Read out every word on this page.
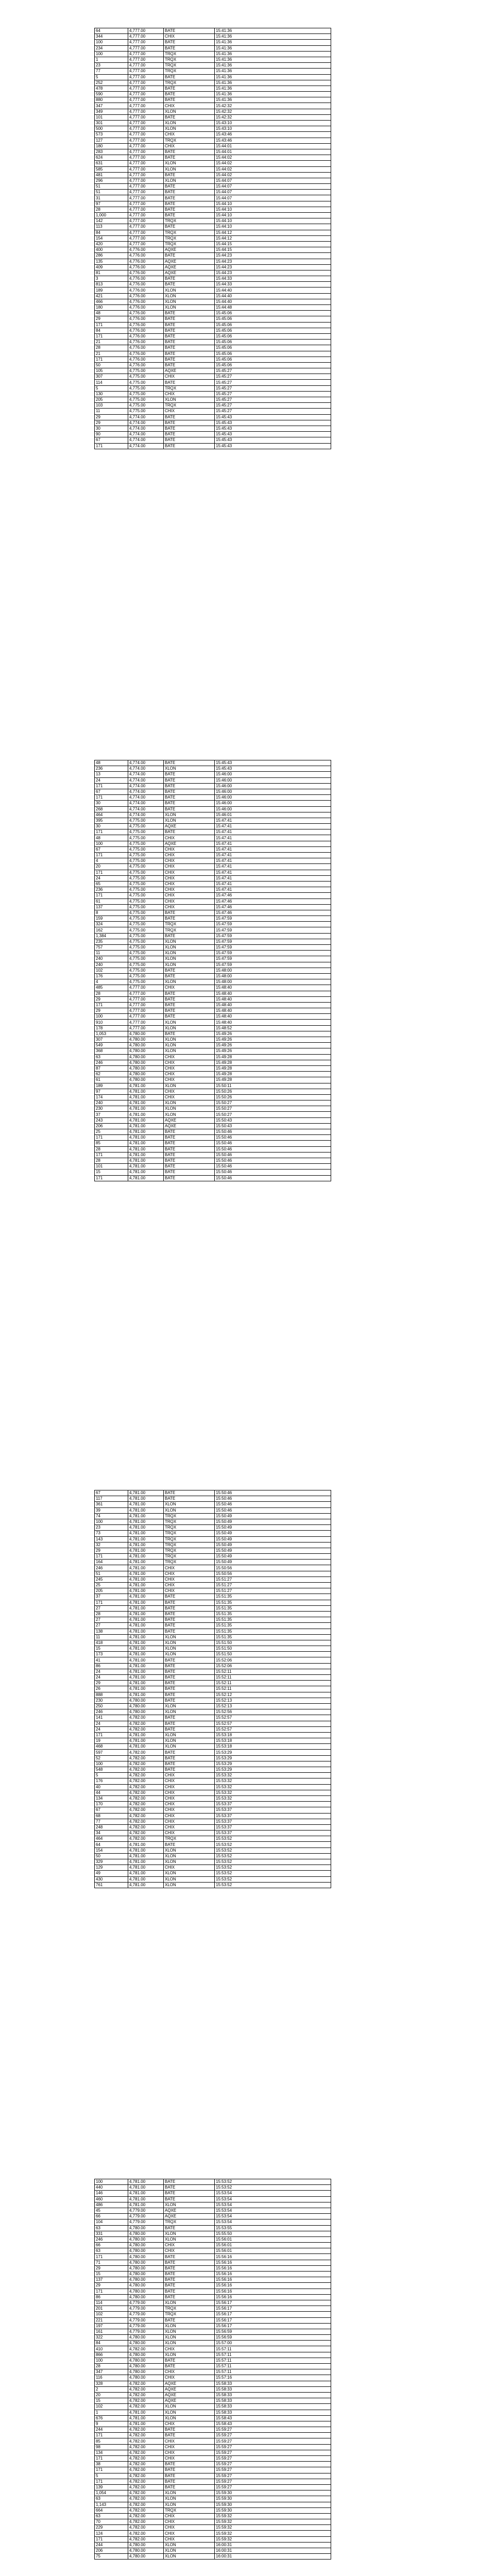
64	4,777.00	BATE	15:41:36
344	4,777.00	CHIX	15:41:36
100	4,777.00	BATE	15:41:36
234	4,777.00	BATE	15:41:36
100	4,777.00	TRQX	15:41:36
1	4,777.00	TRQX	15:41:36
23	4,777.00	TRQX	15:41:36
77	4,777.00	TRQX	15:41:36
5	4,777.00	BATE	15:41:36
252	4,777.00	TRQX	15:41:36
478	4,777.00	BATE	15:41:36
590	4,777.00	BATE	15:41:36
880	4,777.00	BATE	15:41:36
347	4,777.00	CHIX	15:42:32
349	4,777.00	XLON	15:42:32
101	4,777.00	BATE	15:42:32
301	4,777.00	XLON	15:43:10
500	4,777.00	XLON	15:43:10
573	4,777.00	CHIX	15:43:46
127	4,777.00	TRQX	15:43:46
180	4,777.00	CHIX	15:44:01
283	4,777.00	BATE	15:44:01
624	4,777.00	BATE	15:44:02
631	4,777.00	XLON	15:44:02
585	4,777.00	XLON	15:44:02
481	4,777.00	BATE	15:44:02
296	4,777.00	XLON	15:44:07
51	4,777.00	BATE	15:44:07
51	4,777.00	BATE	15:44:07
31	4,777.00	BATE	15:44:07
97	4,777.00	BATE	15:44:10
28	4,777.00	BATE	15:44:10
1,000	4,777.00	BATE	15:44:10
142	4,777.00	TRQX	15:44:10
113	4,777.00	BATE	15:44:10
84	4,777.00	TRQX	15:44:12
154	4,777.00	TRQX	15:44:12
420	4,777.00	TRQX	15:44:15
400	4,776.00	AQXE	15:44:15
286	4,776.00	BATE	15:44:23
135	4,776.00	AQXE	15:44:23
409	4,776.00	AQXE	15:44:23
81	4,776.00	AQXE	15:44:23
3	4,776.00	BATE	15:44:33
813	4,776.00	BATE	15:44:33
189	4,776.00	XLON	15:44:40
421	4,776.00	XLON	15:44:40
466	4,776.00	XLON	15:44:40
180	4,776.00	XLON	15:44:48
48	4,776.00	BATE	15:45:06
29	4,776.00	BATE	15:45:06
171	4,776.00	BATE	15:45:06
84	4,776.00	BATE	15:45:06
171	4,776.00	BATE	15:45:06
21	4,776.00	BATE	15:45:06
28	4,776.00	BATE	15:45:06
21	4,776.00	BATE	15:45:06
171	4,776.00	BATE	15:45:06
50	4,776.00	BATE	15:45:06
105	4,775.00	AQXE	15:45:27
307	4,775.00	CHIX	15:45:27
114	4,775.00	BATE	15:45:27
5	4,775.00	TRQX	15:45:27
130	4,775.00	CHIX	15:45:27
205	4,775.00	XLON	15:45:27
103	4,775.00	TRQX	15:45:27
11	4,775.00	CHIX	15:45:27
29	4,774.00	BATE	15:45:43
29	4,774.00	BATE	15:45:43
30	4,774.00	BATE	15:45:43
90	4,774.00	BATE	15:45:43
67	4,774.00	BATE	15:45:43
171	4,774.00	BATE	15:45:43
48	4,774.00	BATE	15:45:43
236	4,774.00	XLON	15:45:43
13	4,774.00	BATE	15:46:00
24	4,774.00	BATE	15:46:00
171	4,774.00	BATE	15:46:00
67	4,774.00	BATE	15:46:00
171	4,774.00	BATE	15:46:00
30	4,774.00	BATE	15:46:00
268	4,774.00	BATE	15:46:00
464	4,774.00	XLON	15:46:01
395	4,775.00	XLON	15:47:41
30	4,775.00	AQXE	15:47:41
171	4,775.00	BATE	15:47:41
48	4,775.00	CHIX	15:47:41
100	4,775.00	AQXE	15:47:41
67	4,775.00	CHIX	15:47:41
171	4,775.00	CHIX	15:47:41
4	4,775.00	CHIX	15:47:41
20	4,775.00	CHIX	15:47:41
171	4,775.00	CHIX	15:47:41
24	4,775.00	CHIX	15:47:41
65	4,775.00	CHIX	15:47:41
236	4,775.00	CHIX	15:47:41
171	4,775.00	CHIX	15:47:46
61	4,775.00	CHIX	15:47:46
137	4,775.00	CHIX	15:47:46
8	4,775.00	BATE	15:47:46
159	4,775.00	BATE	15:47:59
324	4,775.00	TRQX	15:47:59
162	4,775.00	TRQX	15:47:59
1,384	4,775.00	BATE	15:47:59
235	4,775.00	XLON	15:47:59
757	4,775.00	XLON	15:47:59
11	4,775.00	XLON	15:47:59
240	4,775.00	XLON	15:47:59
240	4,775.00	XLON	15:47:59
102	4,775.00	BATE	15:48:00
176	4,775.00	BATE	15:48:00
4	4,775.00	XLON	15:48:00
485	4,777.00	CHIX	15:48:40
28	4,777.00	BATE	15:48:40
29	4,777.00	BATE	15:48:40
171	4,777.00	BATE	15:48:40
29	4,777.00	BATE	15:48:40
100	4,777.00	BATE	15:48:40
910	4,777.00	XLON	15:48:40
178	4,777.00	XLON	15:48:52
1,053	4,780.00	BATE	15:49:26
307	4,780.00	XLON	15:49:26
549	4,780.00	XLON	15:49:26
368	4,780.00	XLON	15:49:26
63	4,780.00	CHIX	15:49:28
246	4,780.00	CHIX	15:49:28
87	4,780.00	CHIX	15:49:28
62	4,780.00	CHIX	15:49:28
61	4,780.00	CHIX	15:49:28
189	4,781.00	XLON	15:50:11
97	4,781.00	CHIX	15:50:26
174	4,781.00	CHIX	15:50:26
240	4,781.00	XLON	15:50:27
230	4,781.00	XLON	15:50:27
37	4,781.00	XLON	15:50:27
243	4,781.00	AQXE	15:50:43
206	4,781.00	AQXE	15:50:43
25	4,781.00	BATE	15:50:46
171	4,781.00	BATE	15:50:46
85	4,781.00	BATE	15:50:46
28	4,781.00	BATE	15:50:46
171	4,781.00	BATE	15:50:46
28	4,781.00	BATE	15:50:46
101	4,781.00	BATE	15:50:46
15	4,781.00	BATE	15:50:46
171	4,781.00	BATE	15:50:46
67	4,781.00	BATE	15:50:46
117	4,781.00	BATE	15:50:46
361	4,781.00	XLON	15:50:46
39	4,781.00	XLON	15:50:46
74	4,781.00	TRQX	15:50:49
100	4,781.00	TRQX	15:50:49
23	4,781.00	TRQX	15:50:49
73	4,781.00	TRQX	15:50:49
143	4,781.00	TRQX	15:50:49
32	4,781.00	TRQX	15:50:49
29	4,781.00	TRQX	15:50:49
171	4,781.00	TRQX	15:50:49
164	4,781.00	TRQX	15:50:49
246	4,781.00	CHIX	15:50:56
51	4,781.00	CHIX	15:50:56
245	4,781.00	CHIX	15:51:27
25	4,781.00	CHIX	15:51:27
205	4,781.00	CHIX	15:51:27
37	4,781.00	BATE	15:51:35
171	4,781.00	BATE	15:51:35
27	4,781.00	BATE	15:51:35
28	4,781.00	BATE	15:51:35
27	4,781.00	BATE	15:51:35
27	4,781.00	BATE	15:51:35
138	4,781.00	BATE	15:51:35
11	4,781.00	XLON	15:51:35
418	4,781.00	XLON	15:51:50
15	4,781.00	XLON	15:51:50
173	4,781.00	XLON	15:51:50
41	4,781.00	BATE	15:52:06
86	4,781.00	BATE	15:52:06
24	4,781.00	BATE	15:52:11
24	4,781.00	BATE	15:52:11
29	4,781.00	BATE	15:52:11
26	4,781.00	BATE	15:52:11
888	4,781.00	BATE	15:52:12
230	4,780.00	BATE	15:52:13
250	4,780.00	XLON	15:52:13
246	4,780.00	XLON	15:52:56
141	4,782.00	BATE	15:52:57
24	4,782.00	BATE	15:52:57
24	4,782.00	BATE	15:52:57
171	4,781.00	XLON	15:53:18
19	4,781.00	XLON	15:53:18
468	4,781.00	XLON	15:53:18
597	4,782.00	BATE	15:53:29
52	4,782.00	BATE	15:53:29
100	4,782.00	BATE	15:53:29
548	4,782.00	BATE	15:53:29
5	4,782.00	CHIX	15:53:32
176	4,782.00	CHIX	15:53:32
40	4,782.00	CHIX	15:53:32
44	4,782.00	CHIX	15:53:32
134	4,782.00	CHIX	15:53:32
170	4,782.00	CHIX	15:53:37
67	4,782.00	CHIX	15:53:37
68	4,782.00	CHIX	15:53:37
77	4,782.00	CHIX	15:53:37
248	4,782.00	CHIX	15:53:37
34	4,782.00	CHIX	15:53:37
464	4,782.00	TRQX	15:53:52
64	4,781.00	BATE	15:53:52
154	4,781.00	XLON	15:53:52
50	4,781.00	XLON	15:53:52
329	4,781.00	XLON	15:53:52
129	4,781.00	CHIX	15:53:52
49	4,781.00	XLON	15:53:52
430	4,781.00	XLON	15:53:52
761	4,781.00	XLON	15:53:52
100	4,781.00	BATE	15:53:52
440	4,781.00	BATE	15:53:52
146	4,781.00	BATE	15:53:54
460	4,781.00	BATE	15:53:54
486	4,781.00	XLON	15:53:54
45	4,779.00	AQXE	15:53:54
66	4,779.00	AQXE	15:53:54
104	4,779.00	TRQX	15:53:54
63	4,780.00	BATE	15:53:55
331	4,780.00	XLON	15:55:50
246	4,780.00	XLON	15:56:01
66	4,780.00	CHIX	15:56:01
63	4,780.00	CHIX	15:56:01
171	4,780.00	BATE	15:56:16
71	4,780.00	BATE	15:56:16
29	4,780.00	BATE	15:56:16
15	4,780.00	BATE	15:56:16
137	4,780.00	BATE	15:56:16
29	4,780.00	BATE	15:56:16
171	4,780.00	BATE	15:56:16
86	4,780.00	BATE	15:56:16
114	4,779.00	XLON	15:56:17
201	4,779.00	TRQX	15:56:17
102	4,779.00	TRQX	15:56:17
221	4,779.00	BATE	15:56:17
197	4,779.00	XLON	15:56:17
161	4,779.00	XLON	15:56:59
322	4,780.00	XLON	15:56:59
84	4,780.00	XLON	15:57:00
410	4,782.00	CHIX	15:57:11
866	4,780.00	XLON	15:57:11
100	4,780.00	BATE	15:57:11
28	4,780.00	BATE	15:57:11
347	4,780.00	CHIX	15:57:11
116	4,780.00	CHIX	15:57:16
328	4,782.00	AQXE	15:58:33
2	4,782.00	AQXE	15:58:33
20	4,782.00	AQXE	15:58:33
15	4,782.00	AQXE	15:58:33
102	4,782.00	XLON	15:58:33
1	4,781.00	XLON	15:58:33
676	4,781.00	XLON	15:58:43
9	4,781.00	CHIX	15:58:43
244	4,782.00	BATE	15:59:27
171	4,782.00	BATE	15:59:27
85	4,782.00	CHIX	15:59:27
98	4,782.00	CHIX	15:59:27
134	4,782.00	CHIX	15:59:27
171	4,782.00	CHIX	15:59:27
38	4,782.00	BATE	15:59:27
171	4,782.00	BATE	15:59:27
5	4,782.00	BATE	15:59:27
171	4,782.00	BATE	15:59:27
139	4,782.00	BATE	15:59:27
1,054	4,782.00	XLON	15:59:30
63	4,782.00	XLON	15:59:30
1,143	4,782.00	XLON	15:59:30
664	4,782.00	TRQX	15:59:30
63	4,782.00	CHIX	15:59:32
70	4,782.00	CHIX	15:59:32
229	4,782.00	CHIX	15:59:32
124	4,782.00	CHIX	15:59:32
171	4,782.00	CHIX	15:59:32
244	4,780.00	XLON	16:00:31
206	4,780.00	XLON	16:00:31
75	4,780.00	XLON	16:00:31
